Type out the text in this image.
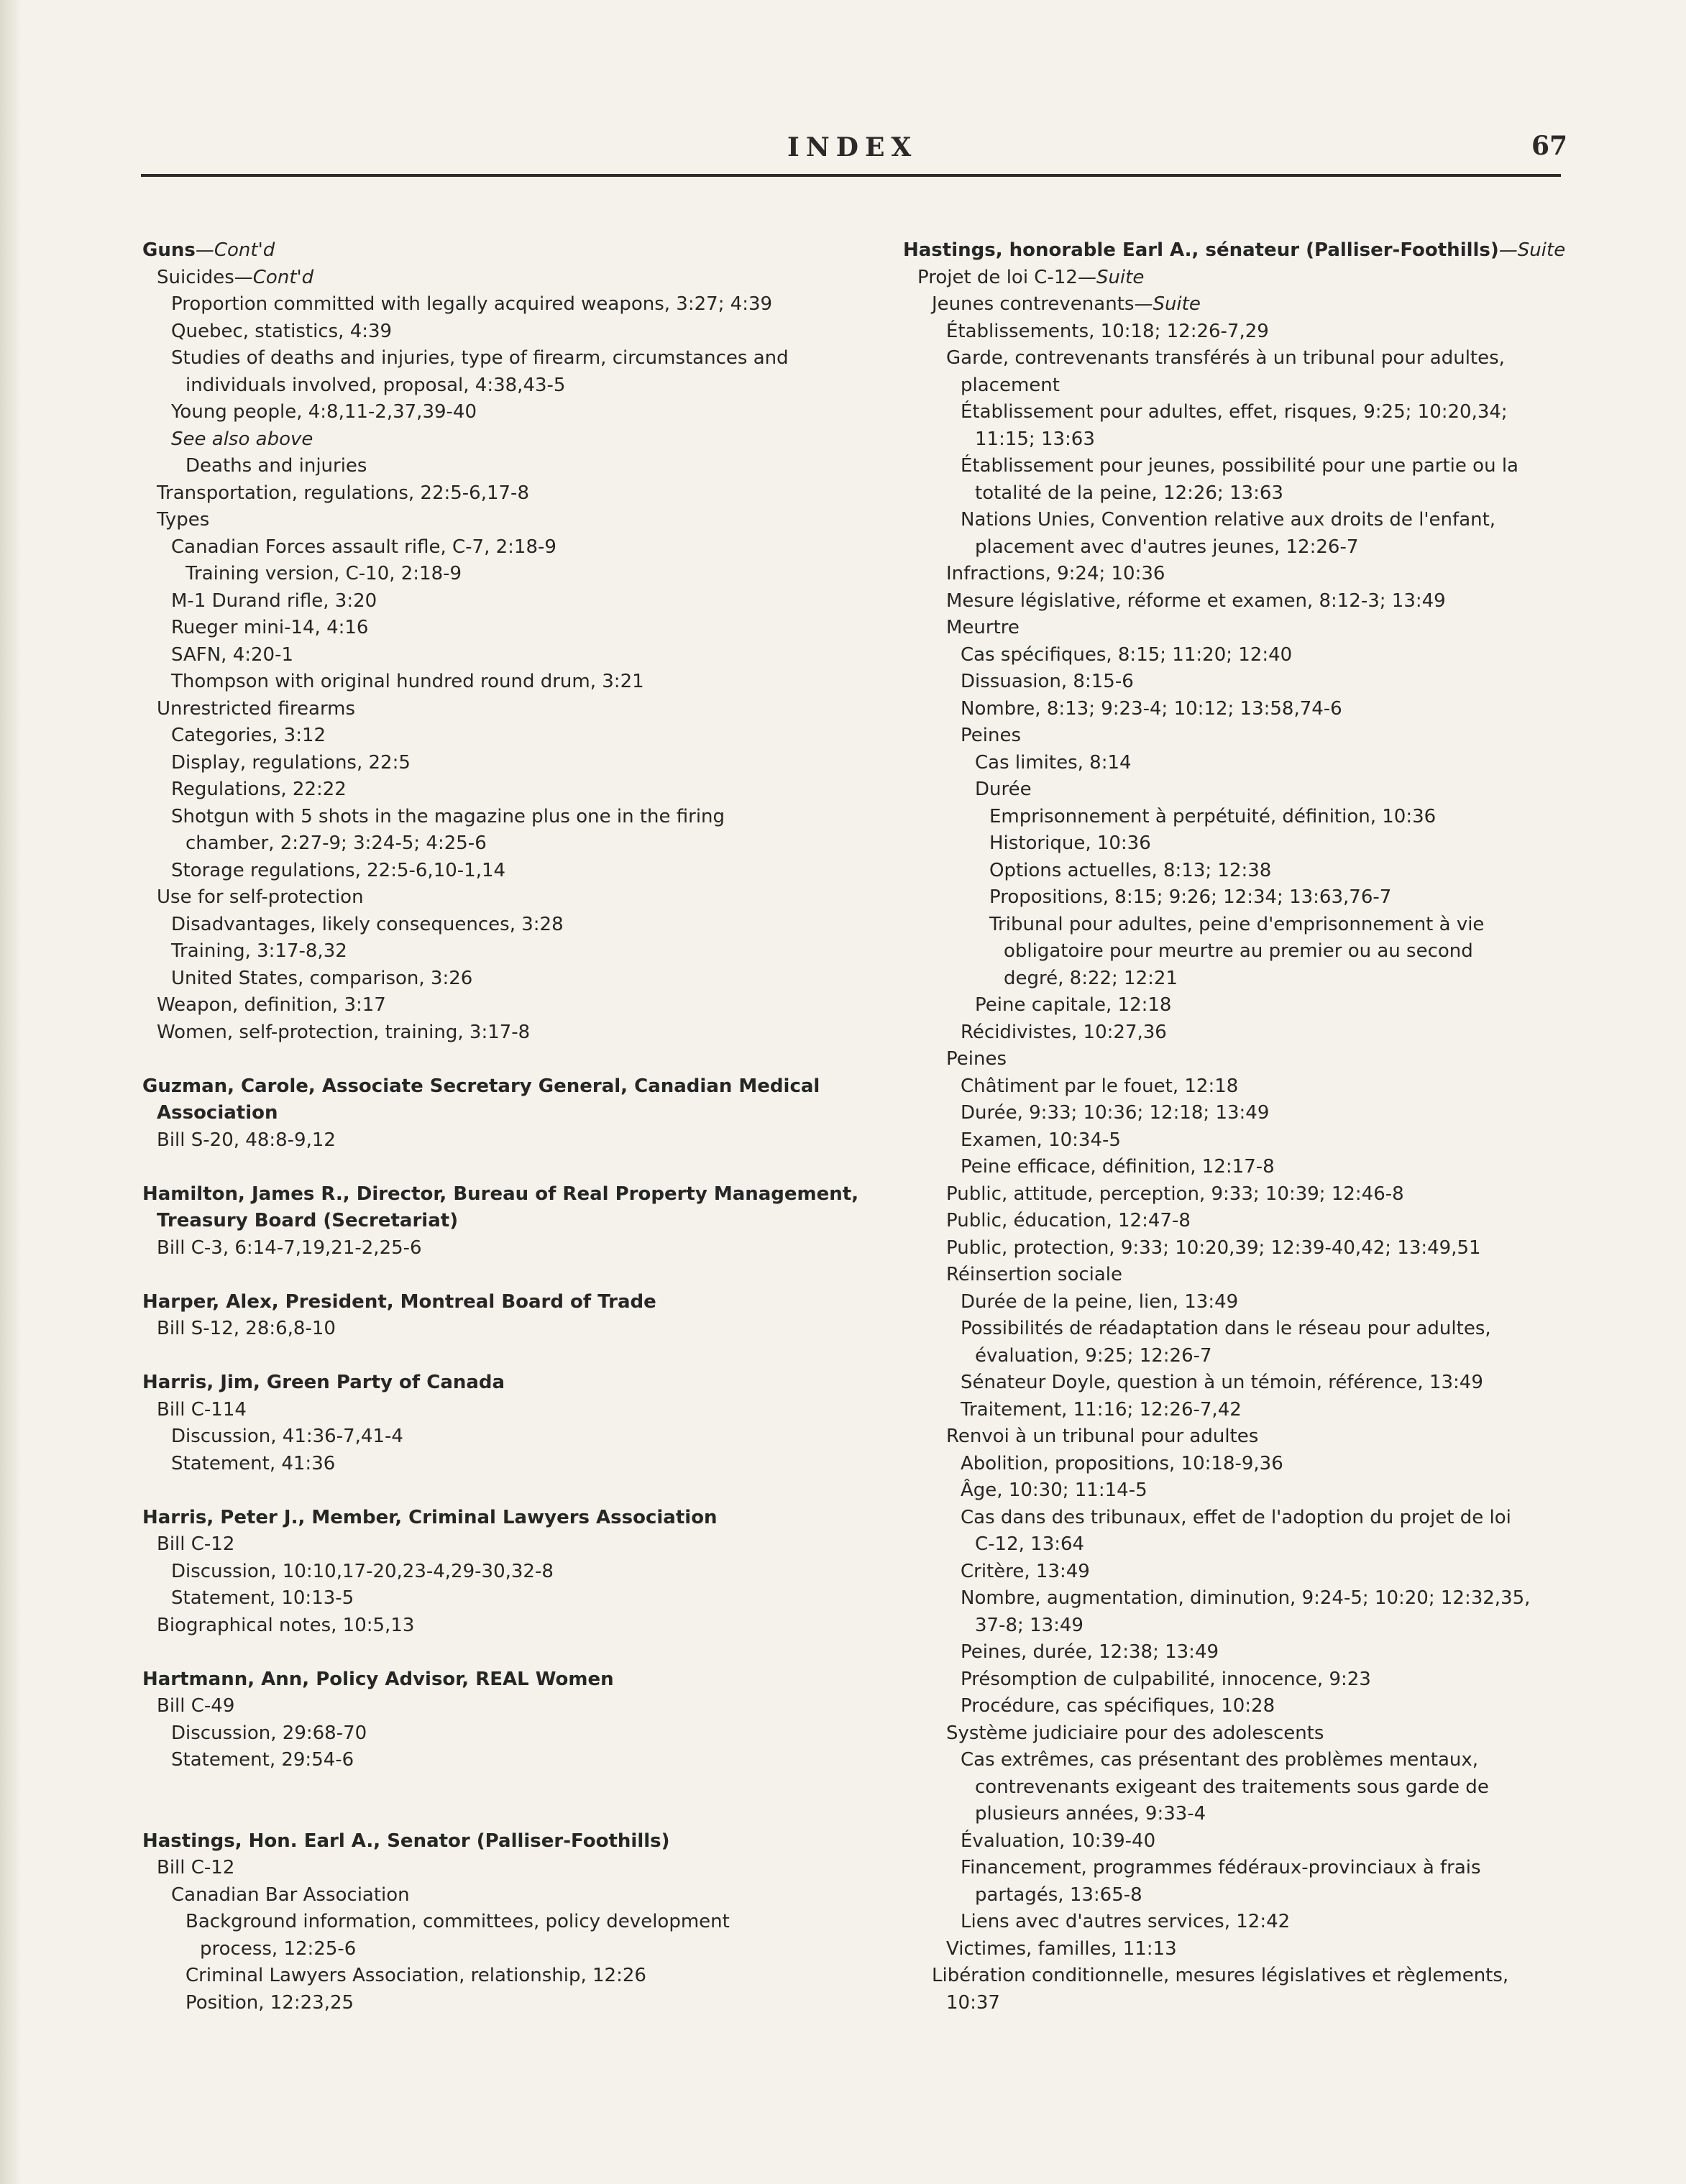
INDEX	67
Guns—Cont'd
Suicides—Cont'd
Proportion committed with legally acquired weapons, 3:27; 4:39
Quebec, statistics, 4:39
Studies of deaths and injuries, type of firearm, circumstances and
individuals involved, proposal, 4:38,43-5
Young people, 4:8,11-2,37,39-40
See also above
Deaths and injuries
Transportation, regulations, 22:5-6,17-8
Types
Canadian Forces assault rifle, C-7, 2:18-9
Training version, C-10, 2:18-9
M-1 Durand rifle, 3:20
Rueger mini-14, 4:16
SAFN, 4:20-1
Thompson with original hundred round drum, 3:21
Unrestricted firearms
Categories, 3:12
Display, regulations, 22:5
Regulations, 22:22
Shotgun with 5 shots in the magazine plus one in the firing
chamber, 2:27-9; 3:24-5; 4:25-6
Storage regulations, 22:5-6,10-1,14
Use for self-protection
Disadvantages, likely consequences, 3:28
Training, 3:17-8,32
United States, comparison, 3:26
Weapon, definition, 3:17
Women, self-protection, training, 3:17-8
Guzman, Carole, Associate Secretary General, Canadian Medical
Association
Bill S-20, 48:8-9,12
Hamilton, James R., Director, Bureau of Real Property Management,
Treasury Board (Secretariat)
Bill C-3, 6:14-7,19,21-2,25-6
Harper, Alex, President, Montreal Board of Trade
Bill S-12, 28:6,8-10
Harris, Jim, Green Party of Canada
Bill C-114
Discussion, 41:36-7,41-4
Statement, 41:36
Harris, Peter J., Member, Criminal Lawyers Association
Bill C-12
Discussion, 10:10,17-20,23-4,29-30,32-8
Statement, 10:13-5
Biographical notes, 10:5,13
Hartmann, Ann, Policy Advisor, REAL Women
Bill C-49
Discussion, 29:68-70
Statement, 29:54-6
Hastings, Hon. Earl A., Senator (Palliser-Foothills)
Bill C-12
Canadian Bar Association
Background information, committees, policy development
process, 12:25-6
Criminal Lawyers Association, relationship, 12:26
Position, 12:23,25
Hastings, honorable Earl A., sénateur (Palliser-Foothills)—Suite
Projet de loi C-12—Suite
Jeunes contrevenants—Suite
Établissements, 10:18; 12:26-7,29
Garde, contrevenants transférés à un tribunal pour adultes,
placement
Établissement pour adultes, effet, risques, 9:25; 10:20,34;
11:15; 13:63
Établissement pour jeunes, possibilité pour une partie ou la
totalité de la peine, 12:26; 13:63
Nations Unies, Convention relative aux droits de l'enfant,
placement avec d'autres jeunes, 12:26-7
Infractions, 9:24; 10:36
Mesure législative, réforme et examen, 8:12-3; 13:49
Meurtre
Cas spécifiques, 8:15; 11:20; 12:40
Dissuasion, 8:15-6
Nombre, 8:13; 9:23-4; 10:12; 13:58,74-6
Peines
Cas limites, 8:14
Durée
Emprisonnement à perpétuité, définition, 10:36
Historique, 10:36
Options actuelles, 8:13; 12:38
Propositions, 8:15; 9:26; 12:34; 13:63,76-7
Tribunal pour adultes, peine d'emprisonnement à vie
obligatoire pour meurtre au premier ou au second
degré, 8:22; 12:21
Peine capitale, 12:18
Récidivistes, 10:27,36
Peines
Châtiment par le fouet, 12:18
Durée, 9:33; 10:36; 12:18; 13:49
Examen, 10:34-5
Peine efficace, définition, 12:17-8
Public, attitude, perception, 9:33; 10:39; 12:46-8
Public, éducation, 12:47-8
Public, protection, 9:33; 10:20,39; 12:39-40,42; 13:49,51
Réinsertion sociale
Durée de la peine, lien, 13:49
Possibilités de réadaptation dans le réseau pour adultes,
évaluation, 9:25; 12:26-7
Sénateur Doyle, question à un témoin, référence, 13:49
Traitement, 11:16; 12:26-7,42
Renvoi à un tribunal pour adultes
Abolition, propositions, 10:18-9,36
Âge, 10:30; 11:14-5
Cas dans des tribunaux, effet de l'adoption du projet de loi
C-12, 13:64
Critère, 13:49
Nombre, augmentation, diminution, 9:24-5; 10:20; 12:32,35,
37-8; 13:49
Peines, durée, 12:38; 13:49
Présomption de culpabilité, innocence, 9:23
Procédure, cas spécifiques, 10:28
Système judiciaire pour des adolescents
Cas extrêmes, cas présentant des problèmes mentaux,
contrevenants exigeant des traitements sous garde de
plusieurs années, 9:33-4
Évaluation, 10:39-40
Financement, programmes fédéraux-provinciaux à frais
partagés, 13:65-8
Liens avec d'autres services, 12:42
Victimes, familles, 11:13
Libération conditionnelle, mesures législatives et règlements,
10:37
